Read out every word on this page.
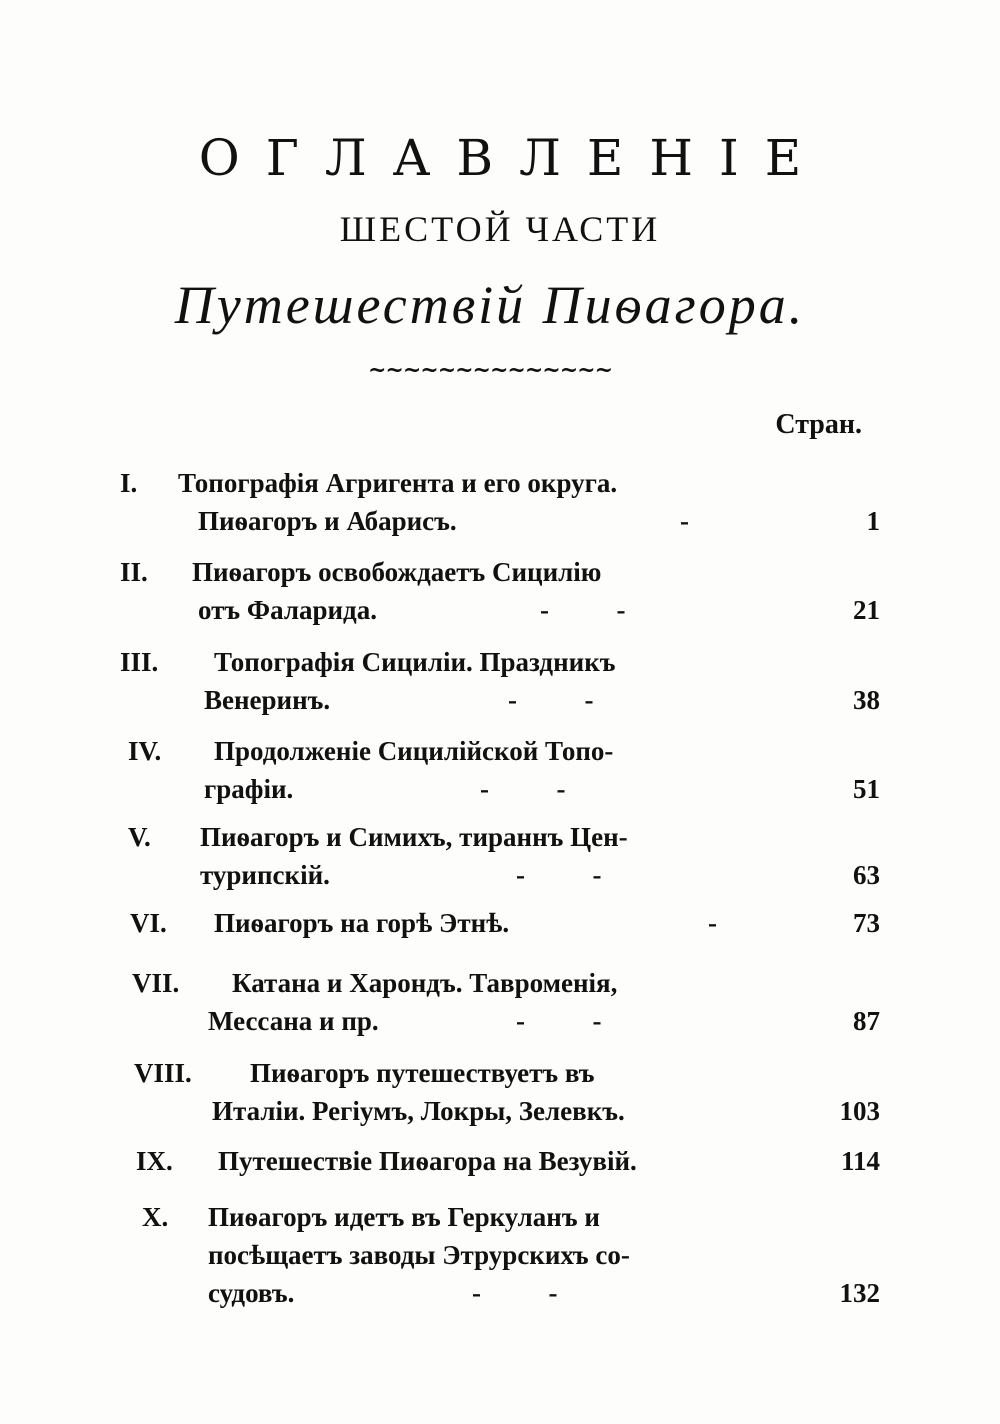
ОГЛАВЛЕНІЕ
ШЕСТОЙ ЧАСТИ
Путешествій Пиѳагора.
~~~~~~~~~~~~~~
Стран.
I.	Топографія Агригента и его округа.
Пиѳагоръ и Абарисъ.	-	1
II.	Пиѳагоръ освобождаетъ Сицилію
отъ Фаларида.	-          -	21
III.	Топографія Сициліи. Праздникъ
Венеринъ.	-          -	38
IV.	Продолженіе Сицилійской Топо-
графіи.	-          -	51
V.	Пиѳагоръ и Симихъ, тираннъ Цен-
турипскій.	-          -	63
VI.	Пиѳагоръ на горѣ Этнѣ.	-	73
VII.	Катана и Харондъ. Тавроменія,
Мессана и пр.	-          -	87
VIII.	Пиѳагоръ путешествуетъ въ
Италіи. Регіумъ, Локры, Зелевкъ.	103
IX.	Путешествіе Пиѳагора на Везувій.	114
X.	Пиѳагоръ идетъ въ Геркуланъ и
посѣщаетъ заводы Этрурскихъ со-
судовъ.	-          -	132
